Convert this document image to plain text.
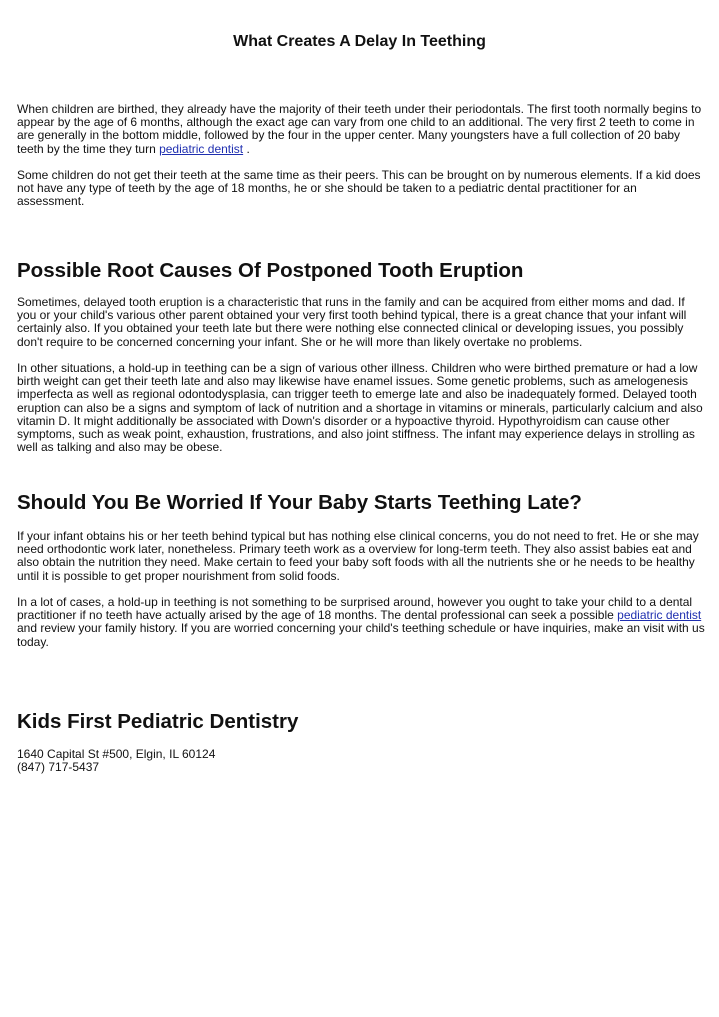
What Creates A Delay In Teething

When children are birthed, they already have the majority of their teeth under their periodontals. The first tooth normally begins to appear by the age of 6 months, although the exact age can vary from one child to an additional. The very first 2 teeth to come in are generally in the bottom middle, followed by the four in the upper center. Many youngsters have a full collection of 20 baby teeth by the time they turn pediatric dentist .

Some children do not get their teeth at the same time as their peers. This can be brought on by numerous elements. If a kid does not have any type of teeth by the age of 18 months, he or she should be taken to a pediatric dental practitioner for an assessment.

Possible Root Causes Of Postponed Tooth Eruption

Sometimes, delayed tooth eruption is a characteristic that runs in the family and can be acquired from either moms and dad. If you or your child's various other parent obtained your very first tooth behind typical, there is a great chance that your infant will certainly also. If you obtained your teeth late but there were nothing else connected clinical or developing issues, you possibly don't require to be concerned concerning your infant. She or he will more than likely overtake no problems.

In other situations, a hold-up in teething can be a sign of various other illness. Children who were birthed premature or had a low birth weight can get their teeth late and also may likewise have enamel issues. Some genetic problems, such as amelogenesis imperfecta as well as regional odontodysplasia, can trigger teeth to emerge late and also be inadequately formed. Delayed tooth eruption can also be a signs and symptom of lack of nutrition and a shortage in vitamins or minerals, particularly calcium and also vitamin D. It might additionally be associated with Down's disorder or a hypoactive thyroid. Hypothyroidism can cause other symptoms, such as weak point, exhaustion, frustrations, and also joint stiffness. The infant may experience delays in strolling as well as talking and also may be obese.

Should You Be Worried If Your Baby Starts Teething Late?

If your infant obtains his or her teeth behind typical but has nothing else clinical concerns, you do not need to fret. He or she may need orthodontic work later, nonetheless. Primary teeth work as a overview for long-term teeth. They also assist babies eat and also obtain the nutrition they need. Make certain to feed your baby soft foods with all the nutrients she or he needs to be healthy until it is possible to get proper nourishment from solid foods.

In a lot of cases, a hold-up in teething is not something to be surprised around, however you ought to take your child to a dental practitioner if no teeth have actually arised by the age of 18 months. The dental professional can seek a possible pediatric dentist and review your family history. If you are worried concerning your child's teething schedule or have inquiries, make an visit with us today.

Kids First Pediatric Dentistry

1640 Capital St #500, Elgin, IL 60124

(847) 717-5437
